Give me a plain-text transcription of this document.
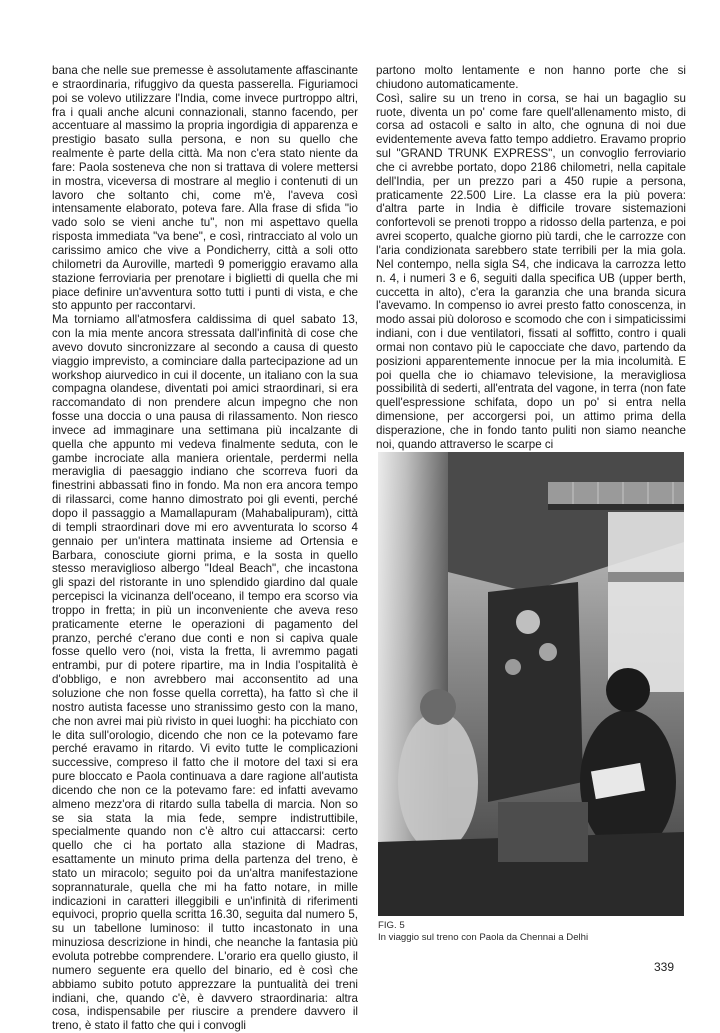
bana che nelle sue premesse è assolutamente affascinante e straordinaria, rifuggivo da questa passerella. Figuriamoci poi se volevo utilizzare l'India, come invece purtroppo altri, fra i quali anche alcuni connazionali, stanno facendo, per accentuare al massimo la propria ingordigia di apparenza e prestigio basato sulla persona, e non su quello che realmente è parte della città. Ma non c'era stato niente da fare: Paola sosteneva che non si trattava di volere mettersi in mostra, viceversa di mostrare al meglio i contenuti di un lavoro che soltanto chi, come m'è, l'aveva così intensamente elaborato, poteva fare. Alla frase di sfida "io vado solo se vieni anche tu", non mi aspettavo quella risposta immediata "va bene", e così, rintracciato al volo un carissimo amico che vive a Pondicherry, città a soli otto chilometri da Auroville, martedì 9 pomeriggio eravamo alla stazione ferroviaria per prenotare i biglietti di quella che mi piace definire un'avventura sotto tutti i punti di vista, e che sto appunto per raccontarvi.

Ma torniamo all'atmosfera caldissima di quel sabato 13, con la mia mente ancora stressata dall'infinità di cose che avevo dovuto sincronizzare al secondo a causa di questo viaggio imprevisto, a cominciare dalla partecipazione ad un workshop aiurvedico in cui il docente, un italiano con la sua compagna olandese, diventati poi amici straordinari, si era raccomandato di non prendere alcun impegno che non fosse una doccia o una pausa di rilassamento. Non riesco invece ad immaginare una settimana più incalzante di quella che appunto mi vedeva finalmente seduta, con le gambe incrociate alla maniera orientale, perdermi nella meraviglia di paesaggio indiano che scorreva fuori da finestrini abbassati fino in fondo. Ma non era ancora tempo di rilassarci, come hanno dimostrato poi gli eventi, perché dopo il passaggio a Mamallapuram (Mahabalipuram), città di templi straordinari dove mi ero avventurata lo scorso 4 gennaio per un'intera mattinata insieme ad Ortensia e Barbara, conosciute giorni prima, e la sosta in quello stesso meraviglioso albergo "Ideal Beach", che incastona gli spazi del ristorante in uno splendido giardino dal quale percepisci la vicinanza dell'oceano, il tempo era scorso via troppo in fretta; in più un inconveniente che aveva reso praticamente eterne le operazioni di pagamento del pranzo, perché c'erano due conti e non si capiva quale fosse quello vero (noi, vista la fretta, li avremmo pagati entrambi, pur di potere ripartire, ma in India l'ospitalità è d'obbligo, e non avrebbero mai acconsentito ad una soluzione che non fosse quella corretta), ha fatto sì che il nostro autista facesse uno stranissimo gesto con la mano, che non avrei mai più rivisto in quei luoghi: ha picchiato con le dita sull'orologio, dicendo che non ce la potevamo fare perché eravamo in ritardo. Vi evito tutte le complicazioni successive, compreso il fatto che il motore del taxi si era pure bloccato e Paola continuava a dare ragione all'autista dicendo che non ce la potevamo fare: ed infatti avevamo almeno mezz'ora di ritardo sulla tabella di marcia. Non so se sia stata la mia fede, sempre indistruttibile, specialmente quando non c'è altro cui attaccarsi: certo quello che ci ha portato alla stazione di Madras, esattamente un minuto prima della partenza del treno, è stato un miracolo; seguito poi da un'altra manifestazione soprannaturale, quella che mi ha fatto notare, in mille indicazioni in caratteri illeggibili e un'infinità di riferimenti equivoci, proprio quella scritta 16.30, seguita dal numero 5, su un tabellone luminoso: il tutto incastonato in una minuziosa descrizione in hindi, che neanche la fantasia più evoluta potrebbe comprendere. L'orario era quello giusto, il numero seguente era quello del binario, ed è così che abbiamo subito potuto apprezzare la puntualità dei treni indiani, che, quando c'è, è davvero straordinaria: altra cosa, indispensabile per riuscire a prendere davvero il treno, è stato il fatto che qui i convogli

partono molto lentamente e non hanno porte che si chiudono automaticamente.

Così, salire su un treno in corsa, se hai un bagaglio su ruote, diventa un po' come fare quell'allenamento misto, di corsa ad ostacoli e salto in alto, che ognuna di noi due evidentemente aveva fatto tempo addietro. Eravamo proprio sul "GRAND TRUNK EXPRESS", un convoglio ferroviario che ci avrebbe portato, dopo 2186 chilometri, nella capitale dell'India, per un prezzo pari a 450 rupie a persona, praticamente 22.500 Lire. La classe era la più povera: d'altra parte in India è difficile trovare sistemazioni confortevoli se prenoti troppo a ridosso della partenza, e poi avrei scoperto, qualche giorno più tardi, che le carrozze con l'aria condizionata sarebbero state terribili per la mia gola. Nel contempo, nella sigla S4, che indicava la carrozza letto n. 4, i numeri 3 e 6, seguiti dalla specifica UB (upper berth, cuccetta in alto), c'era la garanzia che una branda sicura l'avevamo. In compenso io avrei presto fatto conoscenza, in modo assai più doloroso e scomodo che con i simpaticissimi indiani, con i due ventilatori, fissati al soffitto, contro i quali ormai non contavo più le capocciate che davo, partendo da posizioni apparentemente innocue per la mia incolumità. E poi quella che io chiamavo televisione, la meravigliosa possibilità di sederti, all'entrata del vagone, in terra (non fate quell'espressione schifata, dopo un po' si entra nella dimensione, per accorgersi poi, un attimo prima della disperazione, che in fondo tanto puliti non siamo neanche noi, quando attraverso le scarpe ci

FIG. 5
In viaggio sul treno con Paola da Chennai a Delhi
339
